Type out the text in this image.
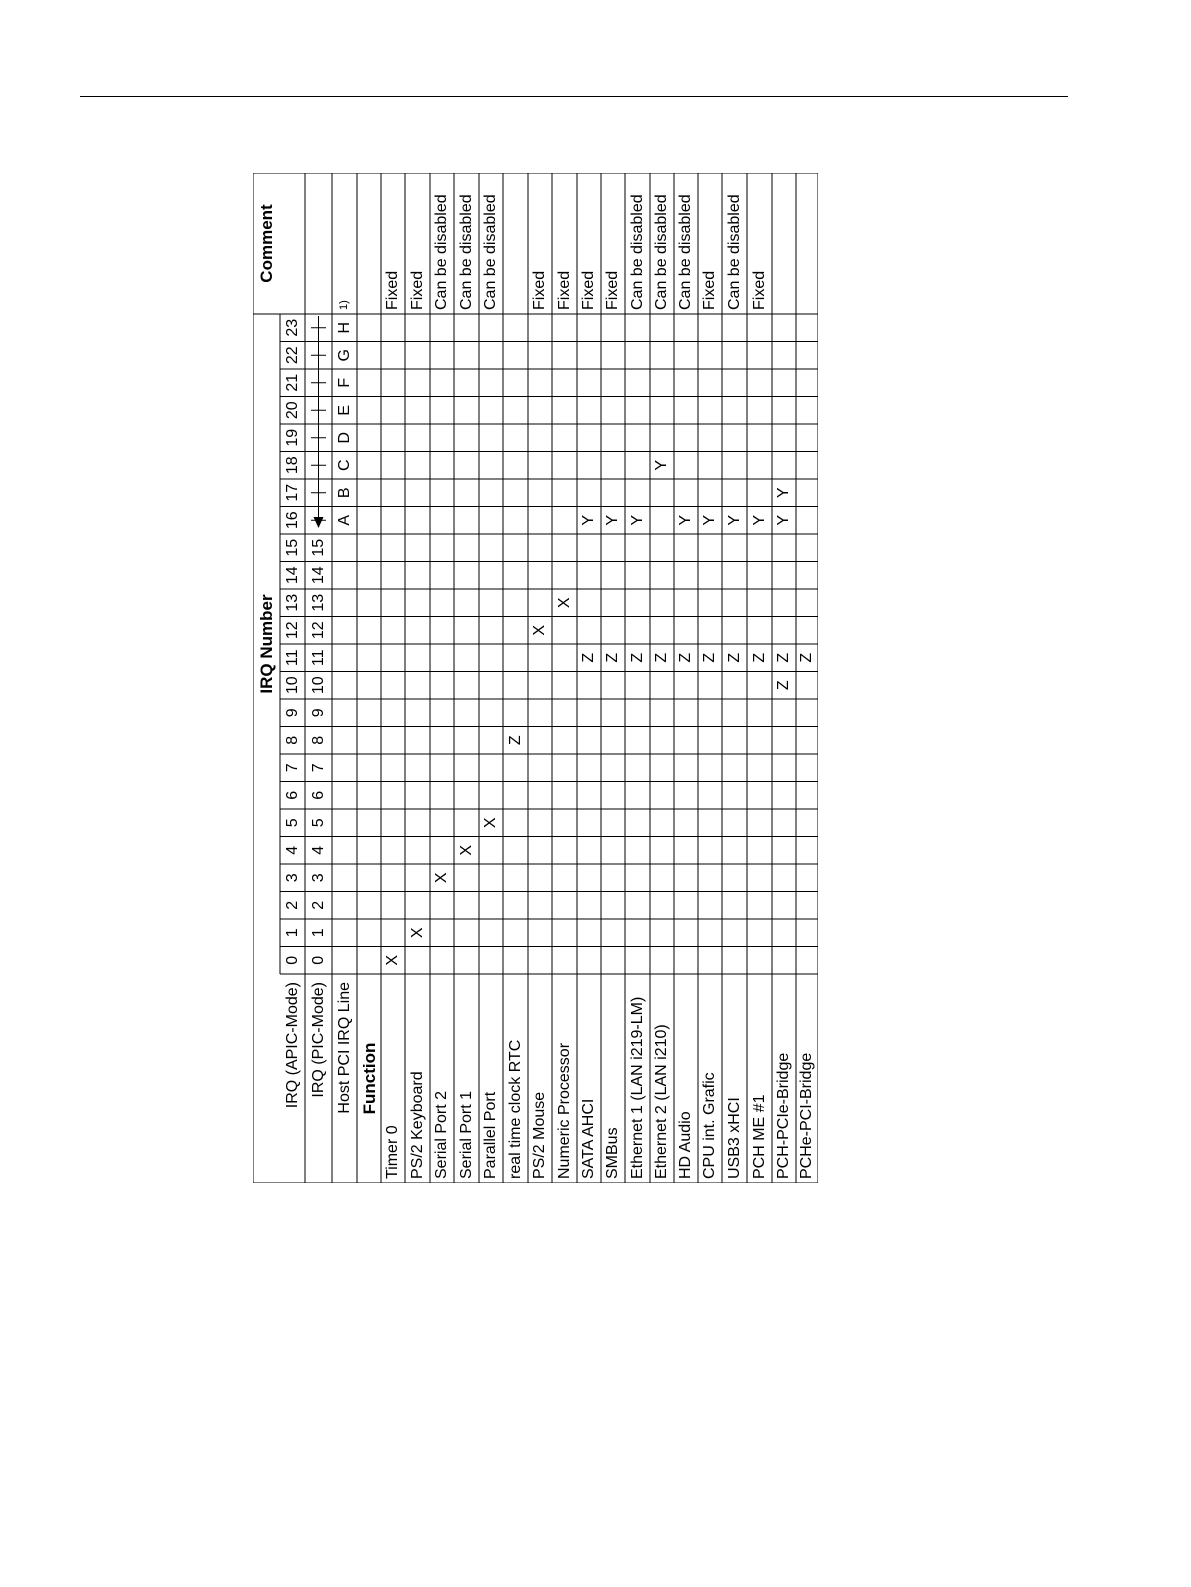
IRQ Number
Comment
IRQ (APIC-Mode) IRQ (PIC-Mode) Host PCI IRQ Line Function
1)
0
1
2
3
4
5
6
7
8
9
10
11
12
13
14
15
16
17
18
19
20
21
22
23
0
1
2
3
4
5
6
7
8
9
10
11
12
13
14
15
A
B
C
D
E
F
G
H
Timer 0
X
Fixed
PS/2 Keyboard
X
Fixed
Serial Port 2
X
Can be disabled
Serial Port 1
X
Can be disabled
Parallel Port
X
Can be disabled
real time clock RTC
Z
PS/2 Mouse
X
Fixed
Numeric Processor
X
Fixed
SATA AHCI
Z
Y
Fixed
SMBus
Z
Y
Fixed
Ethernet 1 (LAN i219-LM)
Z
Y
Can be disabled
Ethernet 2 (LAN i210)
Z
Y
Can be disabled
HD Audio
Z
Y
Can be disabled
CPU int. Grafic
Z
Y
Fixed
USB3 xHCI
Z
Y
Can be disabled
PCH ME #1
Z
Y
Fixed
PCH-PCIe-Bridge
Z
Z
Y
Y
PCHe-PCI-Bridge
Z
